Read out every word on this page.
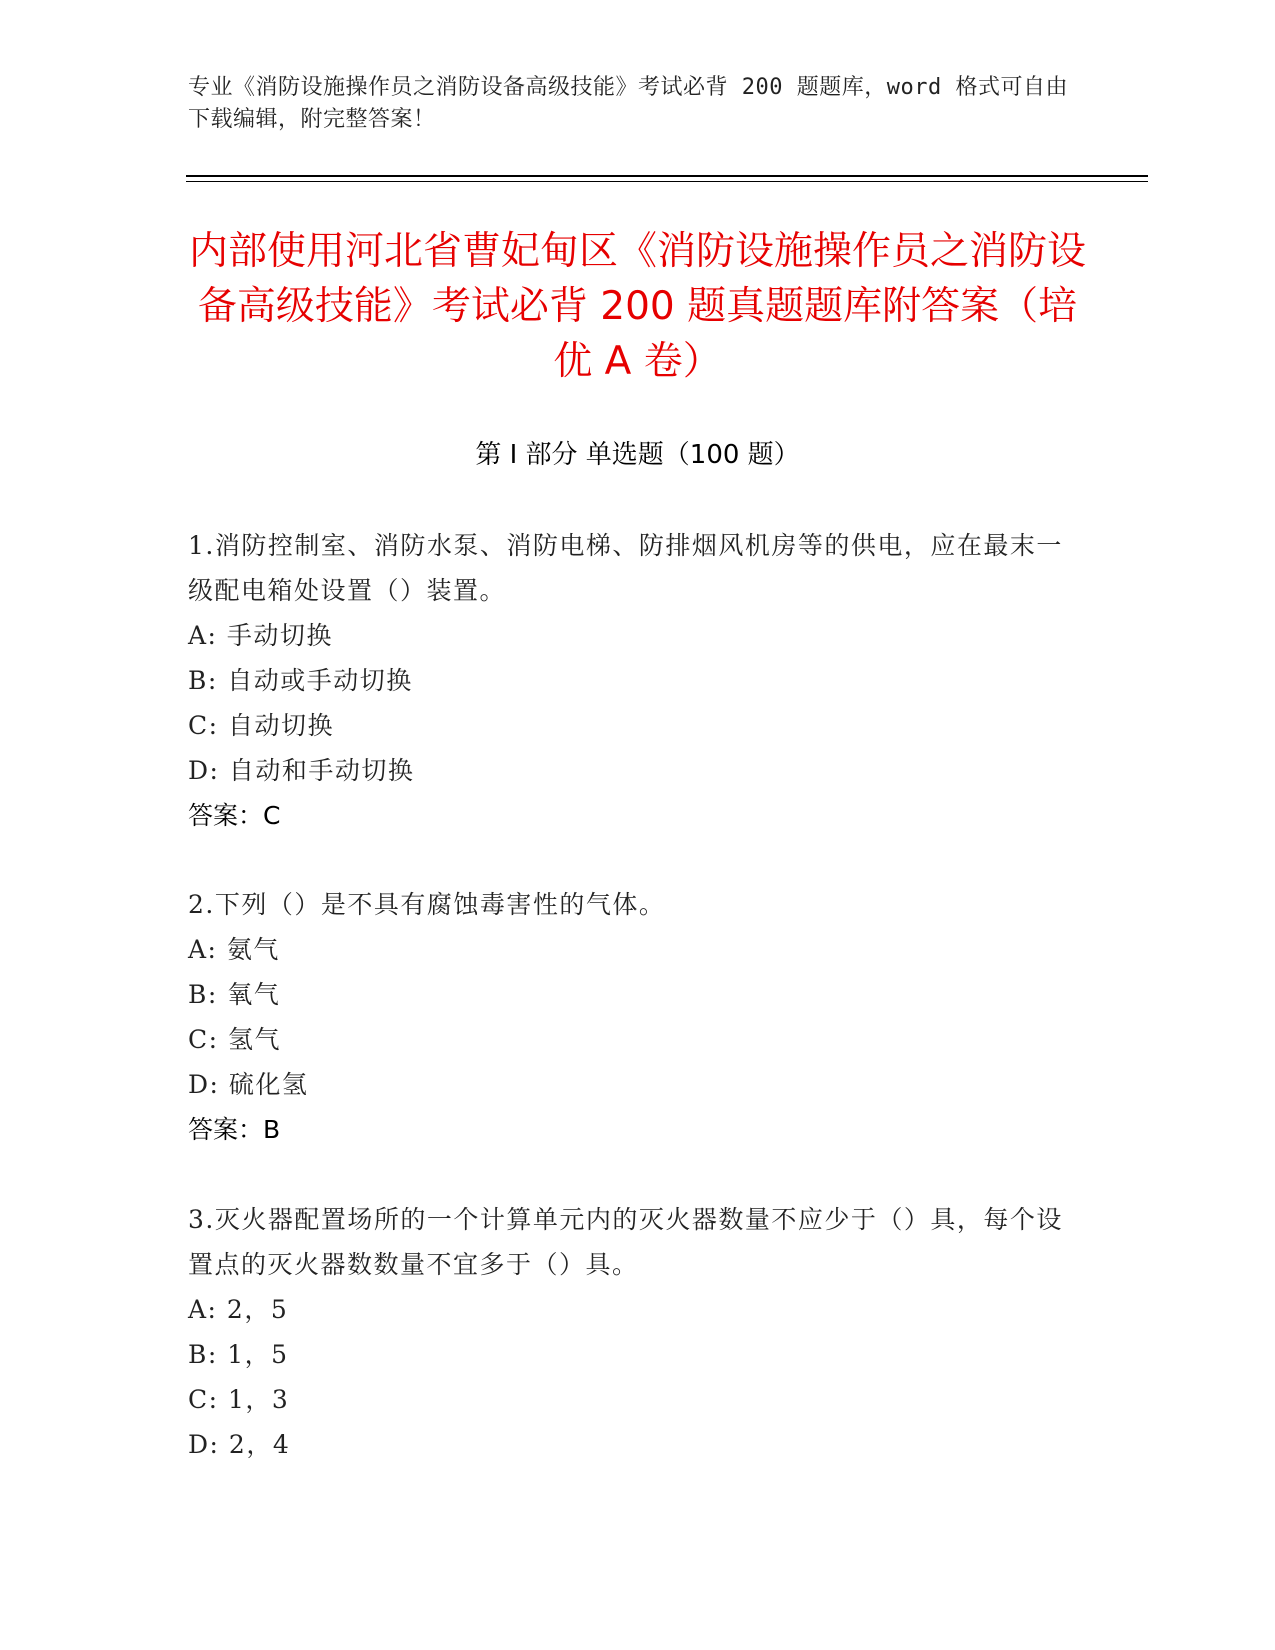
专业《消防设施操作员之消防设备高级技能》考试必背 200 题题库，word 格式可自由下载编辑，附完整答案！
内部使用河北省曹妃甸区《消防设施操作员之消防设备高级技能》考试必背 200 题真题题库附答案（培优 A 卷）
第 I 部分 单选题（100 题）
1.消防控制室、消防水泵、消防电梯、防排烟风机房等的供电，应在最末一级配电箱处设置（）装置。
A: 手动切换
B: 自动或手动切换
C: 自动切换
D: 自动和手动切换
答案：C
2.下列（）是不具有腐蚀毒害性的气体。
A: 氨气
B: 氧气
C: 氢气
D: 硫化氢
答案：B
3.灭火器配置场所的一个计算单元内的灭火器数量不应少于（）具，每个设置点的灭火器数数量不宜多于（）具。
A: 2，5
B: 1，5
C: 1，3
D: 2，4
